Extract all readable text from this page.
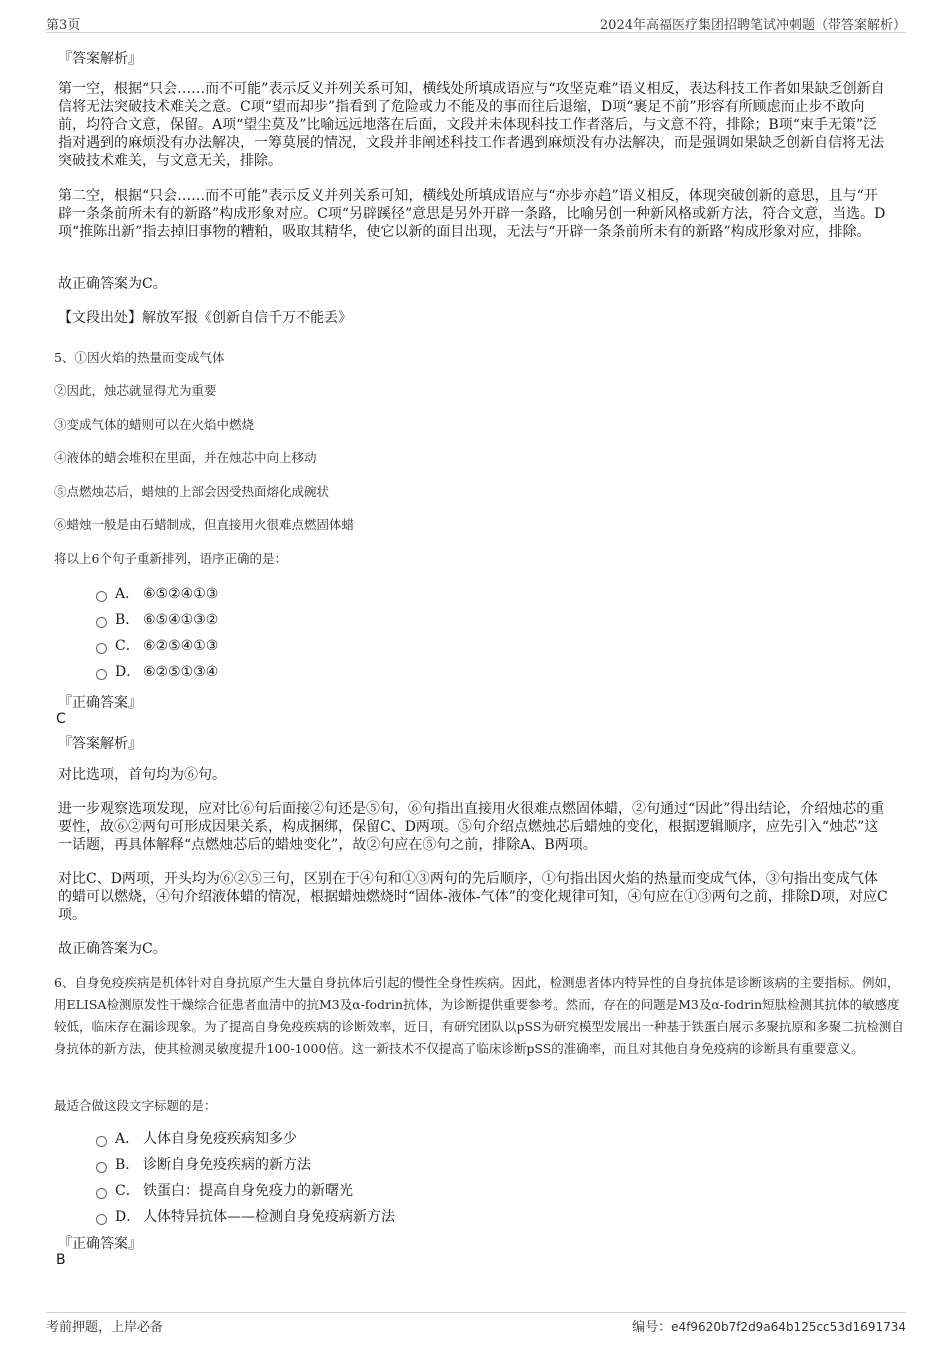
第3页	2024年高福医疗集团招聘笔试冲刺题（带答案解析）
『答案解析』
第一空，根据“只会……而不可能”表示反义并列关系可知，横线处所填成语应与“攻坚克难”语义相反，表达科技工作者如果缺乏创新自信将无法突破技术难关之意。C项“望而却步”指看到了危险或力不能及的事而往后退缩，D项“裹足不前”形容有所顾虑而止步不敢向前，均符合文意，保留。A项“望尘莫及”比喻远远地落在后面，文段并未体现科技工作者落后，与文意不符，排除；B项“束手无策”泛指对遇到的麻烦没有办法解决，一筹莫展的情况，文段并非阐述科技工作者遇到麻烦没有办法解决，而是强调如果缺乏创新自信将无法突破技术难关，与文意无关，排除。
第二空，根据“只会……而不可能”表示反义并列关系可知，横线处所填成语应与“亦步亦趋”语义相反，体现突破创新的意思，且与“开辟一条条前所未有的新路”构成形象对应。C项“另辟蹊径”意思是另外开辟一条路，比喻另创一种新风格或新方法，符合文意，当选。D项“推陈出新”指去掉旧事物的糟粕，吸取其精华，使它以新的面目出现，无法与“开辟一条条前所未有的新路”构成形象对应，排除。
故正确答案为C。
【文段出处】解放军报《创新自信千万不能丢》
5、①因火焰的热量而变成气体
②因此，烛芯就显得尤为重要
③变成气体的蜡则可以在火焰中燃烧
④液体的蜡会堆积在里面，并在烛芯中向上移动
⑤点燃烛芯后，蜡烛的上部会因受热面熔化成碗状
⑥蜡烛一般是由石蜡制成，但直接用火很难点燃固体蜡
将以上6个句子重新排列，语序正确的是：
A． ⑥⑤②④①③
B． ⑥⑤④①③②
C． ⑥②⑤④①③
D． ⑥②⑤①③④
『正确答案』
C
『答案解析』
对比选项，首句均为⑥句。
进一步观察选项发现，应对比⑥句后面接②句还是⑤句，⑥句指出直接用火很难点燃固体蜡，②句通过“因此”得出结论，介绍烛芯的重要性，故⑥②两句可形成因果关系，构成捆绑，保留C、D两项。⑤句介绍点燃烛芯后蜡烛的变化，根据逻辑顺序，应先引入“烛芯”这一话题，再具体解释“点燃烛芯后的蜡烛变化”，故②句应在⑤句之前，排除A、B两项。
对比C、D两项，开头均为⑥②⑤三句，区别在于④句和①③两句的先后顺序，①句指出因火焰的热量而变成气体，③句指出变成气体的蜡可以燃烧，④句介绍液体蜡的情况，根据蜡烛燃烧时“固体-液体-气体”的变化规律可知，④句应在①③两句之前，排除D项，对应C项。
故正确答案为C。
6、自身免疫疾病是机体针对自身抗原产生大量自身抗体后引起的慢性全身性疾病。因此，检测患者体内特异性的自身抗体是诊断该病的主要指标。例如，用ELISA检测原发性干燥综合征患者血清中的抗M3及α-fodrin抗体，为诊断提供重要参考。然而，存在的问题是M3及α-fodrin短肽检测其抗体的敏感度较低，临床存在漏诊现象。为了提高自身免疫疾病的诊断效率，近日，有研究团队以pSS为研究模型发展出一种基于铁蛋白展示多聚抗原和多聚二抗检测自身抗体的新方法，使其检测灵敏度提升100-1000倍。这一新技术不仅提高了临床诊断pSS的准确率，而且对其他自身免疫病的诊断具有重要意义。
最适合做这段文字标题的是：
A． 人体自身免疫疾病知多少
B． 诊断自身免疫疾病的新方法
C． 铁蛋白：提高自身免疫力的新曙光
D． 人体特异抗体——检测自身免疫病新方法
『正确答案』
B
考前押题，上岸必备	编号：e4f9620b7f2d9a64b125cc53d1691734
